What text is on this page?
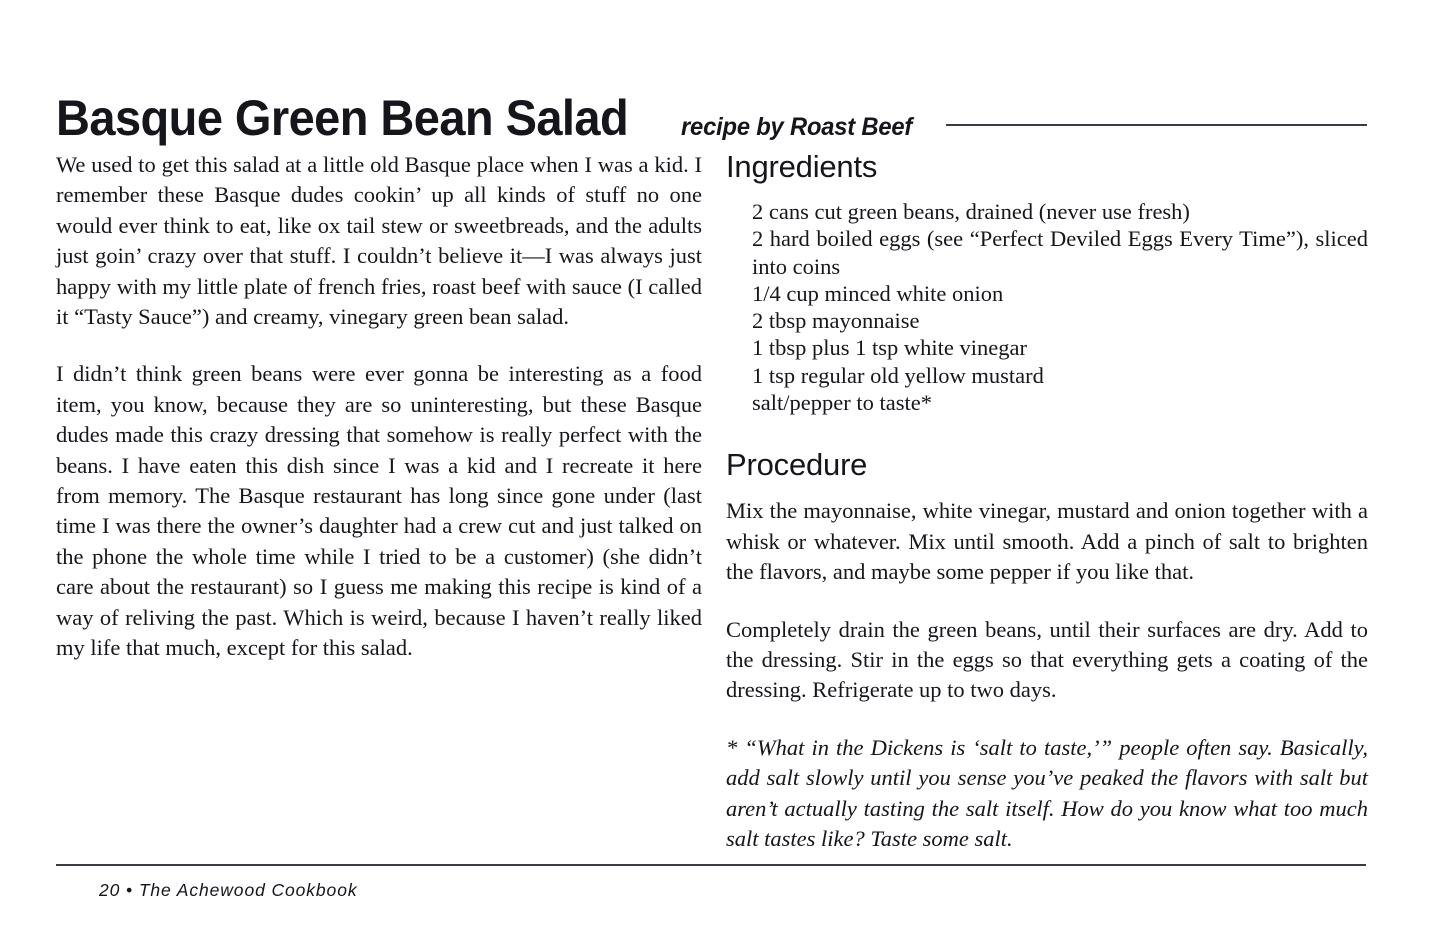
Basque Green Bean Salad recipe by Roast Beef

We used to get this salad at a little old Basque place when I was a kid. I remember these Basque dudes cookin’ up all kinds of stuff no one would ever think to eat, like ox tail stew or sweetbreads, and the adults just goin’ crazy over that stuff. I couldn’t believe it—I was always just happy with my little plate of french fries, roast beef with sauce (I called it “Tasty Sauce”) and creamy, vinegary green bean salad.

I didn’t think green beans were ever gonna be interesting as a food item, you know, because they are so uninteresting, but these Basque dudes made this crazy dressing that somehow is really perfect with the beans. I have eaten this dish since I was a kid and I recreate it here from memory. The Basque restaurant has long since gone under (last time I was there the owner’s daughter had a crew cut and just talked on the phone the whole time while I tried to be a customer) (she didn’t care about the restaurant) so I guess me making this recipe is kind of a way of reliving the past. Which is weird, because I haven’t really liked my life that much, except for this salad.

Ingredients
2 cans cut green beans, drained (never use fresh)
2 hard boiled eggs (see “Perfect Deviled Eggs Every Time”), sliced into coins
1/4 cup minced white onion
2 tbsp mayonnaise
1 tbsp plus 1 tsp white vinegar
1 tsp regular old yellow mustard
salt/pepper to taste*
Procedure

Mix the mayonnaise, white vinegar, mustard and onion together with a whisk or whatever. Mix until smooth. Add a pinch of salt to brighten the flavors, and maybe some pepper if you like that.

Completely drain the green beans, until their surfaces are dry. Add to the dressing. Stir in the eggs so that everything gets a coating of the dressing. Refrigerate up to two days.

* “What in the Dickens is ‘salt to taste,’” people often say. Basically, add salt slowly until you sense you’ve peaked the flavors with salt but aren’t actually tasting the salt itself. How do you know what too much salt tastes like? Taste some salt.

20 • The Achewood Cookbook
